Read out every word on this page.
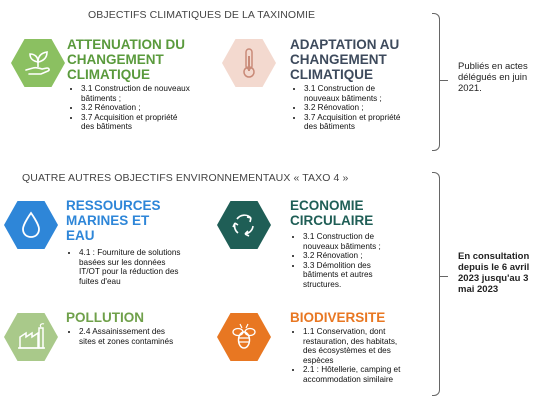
OBJECTIFS CLIMATIQUES DE LA TAXINOMIE
ATTENUATION DU
CHANGEMENT
CLIMATIQUE
• 3.1 Construction de nouveaux
bâtiments ;
• 3.2 Rénovation ;
• 3.7 Acquisition et propriété
des bâtiments
ADAPTATION AU
CHANGEMENT
CLIMATIQUE
• 3.1 Construction de
nouveaux bâtiments ;
• 3.2 Rénovation ;
• 3.7 Acquisition et propriété
des bâtiments
Publiés en actes
délégués en juin
2021.
QUATRE AUTRES OBJECTIFS ENVIRONNEMENTAUX « TAXO 4 »
RESSOURCES
MARINES ET
EAU
• 4.1 : Fourniture de solutions
basées sur les données
IT/OT pour la réduction des
fuites d'eau
ECONOMIE
CIRCULAIRE
• 3.1 Construction de
nouveaux bâtiments ;
• 3.2 Rénovation ;
• 3.3 Démolition des
bâtiments et autres
structures.
POLLUTION
• 2.4 Assainissement des
sites et zones contaminés
BIODIVERSITE
• 1.1 Conservation, dont
restauration, des habitats,
des écosystèmes et des
espèces
• 2.1 : Hôtellerie, camping et
accommodation similaire
En consultation
depuis le 6 avril
2023 jusqu'au 3
mai 2023
